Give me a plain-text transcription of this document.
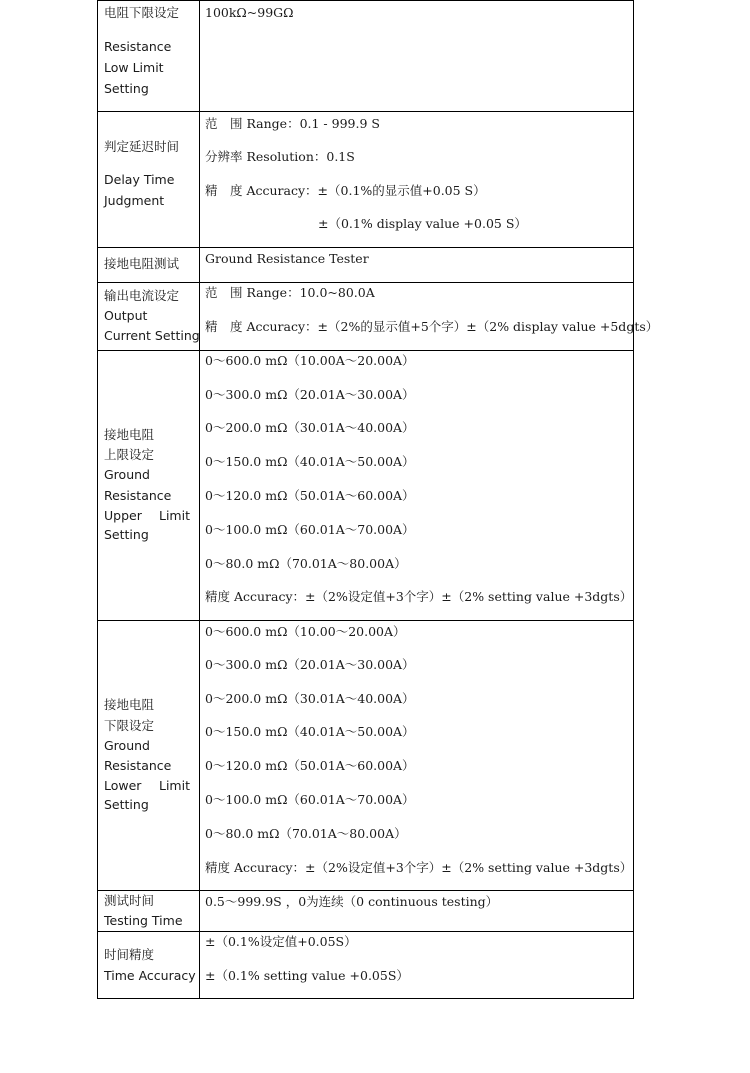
电阻下限设定
Resistance
Low Limit
Setting
100kΩ~99GΩ
判定延迟时间
Delay Time
Judgment
范　围 Range：0.1 - 999.9 S
分辨率 Resolution：0.1S
精　度 Accuracy：±（0.1%的显示值+0.05 S）
±（0.1% display value +0.05 S）
接地电阻测试 Ground Resistance Tester
输出电流设定
Output
Current Setting
范　围 Range：10.0~80.0A
精　度 Accuracy：±（2%的显示值+5个字）±（2% display value +5dgts）
接地电阻
上限设定
Ground
Resistance
Upper Limit
Setting
0～600.0 mΩ（10.00A～20.00A）
0～300.0 mΩ（20.01A～30.00A）
0～200.0 mΩ（30.01A～40.00A）
0～150.0 mΩ（40.01A～50.00A）
0～120.0 mΩ（50.01A～60.00A）
0～100.0 mΩ（60.01A～70.00A）
0～80.0 mΩ（70.01A～80.00A）
精度 Accuracy：±（2%设定值+3个字）±（2% setting value +3dgts）
接地电阻
下限设定
Ground
Resistance
Lower Limit
Setting
0～600.0 mΩ（10.00～20.00A）
0～300.0 mΩ（20.01A～30.00A）
0～200.0 mΩ（30.01A～40.00A）
0～150.0 mΩ（40.01A～50.00A）
0～120.0 mΩ（50.01A～60.00A）
0～100.0 mΩ（60.01A～70.00A）
0～80.0 mΩ（70.01A～80.00A）
精度 Accuracy：±（2%设定值+3个字）±（2% setting value +3dgts）
测试时间
Testing Time
0.5～999.9S ，0为连续（0 continuous testing）
时间精度
Time Accuracy
±（0.1%设定值+0.05S）
±（0.1% setting value +0.05S）
